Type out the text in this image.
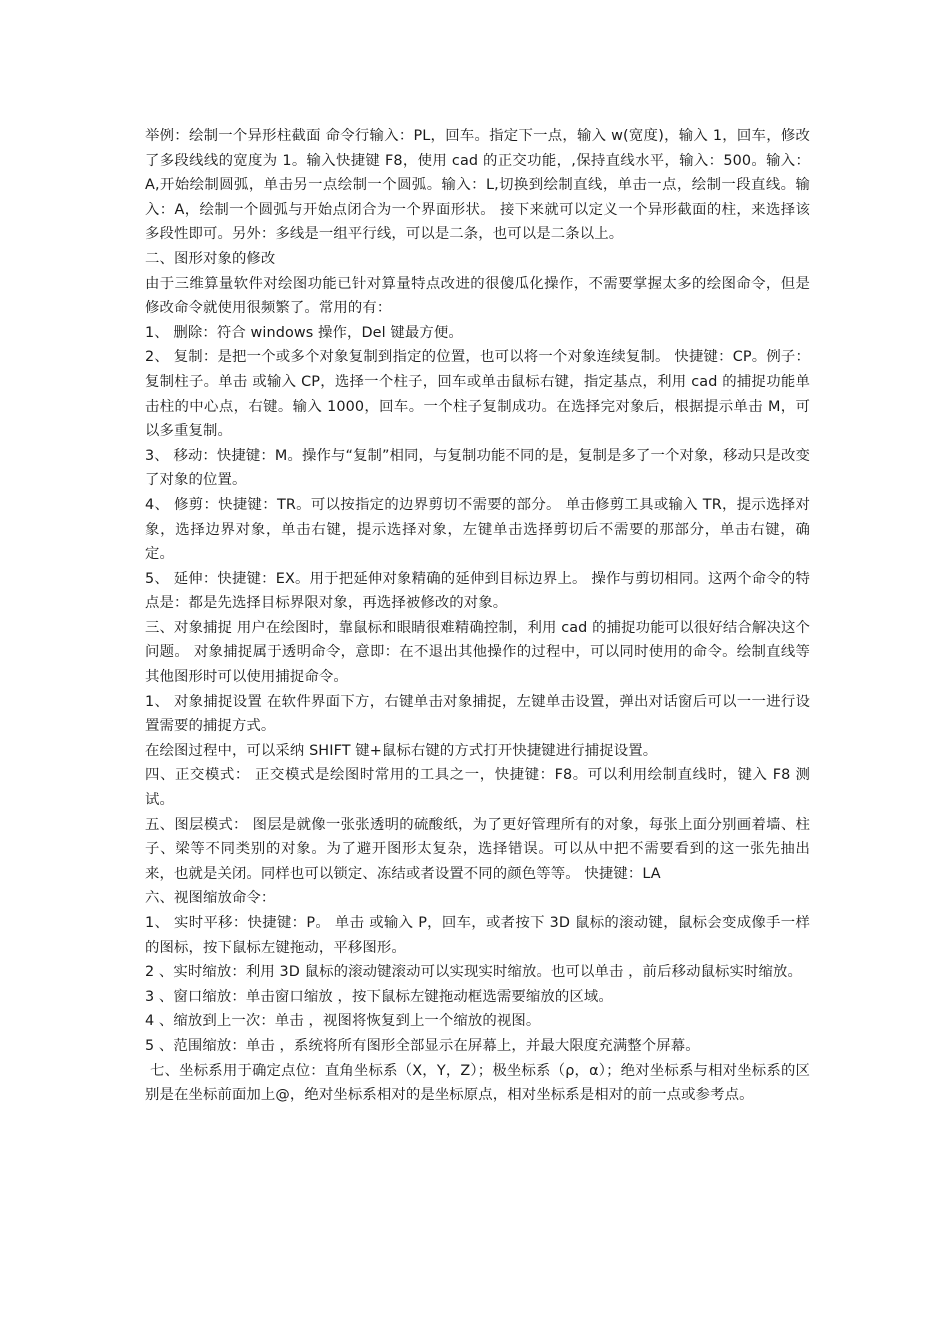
举例：绘制一个异形柱截面 命令行输入：PL，回车。指定下一点，输入 w(宽度)，输入 1，回车，修改了多段线线的宽度为 1。输入快捷键 F8，使用 cad 的正交功能，,保持直线水平，输入：500。输入：A,开始绘制圆弧，单击另一点绘制一个圆弧。输入：L,切换到绘制直线，单击一点，绘制一段直线。输入：A，绘制一个圆弧与开始点闭合为一个界面形状。 接下来就可以定义一个异形截面的柱，来选择该多段性即可。另外：多线是一组平行线，可以是二条，也可以是二条以上。

二、图形对象的修改

由于三维算量软件对绘图功能已针对算量特点改进的很傻瓜化操作，不需要掌握太多的绘图命令，但是修改命令就使用很频繁了。常用的有：

1、 删除：符合 windows 操作，Del 键最方便。

2、 复制：是把一个或多个对象复制到指定的位置，也可以将一个对象连续复制。 快捷键：CP。例子：复制柱子。单击 或输入 CP，选择一个柱子，回车或单击鼠标右键，指定基点，利用 cad 的捕捉功能单击柱的中心点，右键。输入 1000，回车。一个柱子复制成功。在选择完对象后，根据提示单击 M，可以多重复制。

3、 移动：快捷键：M。操作与“复制”相同，与复制功能不同的是，复制是多了一个对象，移动只是改变了对象的位置。

4、 修剪：快捷键：TR。可以按指定的边界剪切不需要的部分。 单击修剪工具或输入 TR，提示选择对象，选择边界对象，单击右键，提示选择对象，左键单击选择剪切后不需要的那部分，单击右键，确定。

5、 延伸：快捷键：EX。用于把延伸对象精确的延伸到目标边界上。 操作与剪切相同。这两个命令的特点是：都是先选择目标界限对象，再选择被修改的对象。

三、对象捕捉 用户在绘图时，靠鼠标和眼睛很难精确控制，利用 cad 的捕捉功能可以很好结合解决这个问题。 对象捕捉属于透明命令，意即：在不退出其他操作的过程中，可以同时使用的命令。绘制直线等其他图形时可以使用捕捉命令。

1、 对象捕捉设置 在软件界面下方，右键单击对象捕捉，左键单击设置，弹出对话窗后可以一一进行设置需要的捕捉方式。

在绘图过程中，可以采纳 SHIFT 键+鼠标右键的方式打开快捷键进行捕捉设置。

四、正交模式： 正交模式是绘图时常用的工具之一，快捷键：F8。可以利用绘制直线时，键入 F8 测试。

五、图层模式： 图层是就像一张张透明的硫酸纸，为了更好管理所有的对象，每张上面分别画着墙、柱子、梁等不同类别的对象。为了避开图形太复杂，选择错误。可以从中把不需要看到的这一张先抽出来，也就是关闭。同样也可以锁定、冻结或者设置不同的颜色等等。 快捷键：LA

六、视图缩放命令：

1、 实时平移：快捷键：P。 单击 或输入 P，回车，或者按下 3D 鼠标的滚动键，鼠标会变成像手一样的图标，按下鼠标左键拖动，平移图形。

2 、实时缩放：利用 3D 鼠标的滚动键滚动可以实现实时缩放。也可以单击 ，前后移动鼠标实时缩放。

3 、窗口缩放：单击窗口缩放 ，按下鼠标左键拖动框选需要缩放的区域。

4 、缩放到上一次：单击 ，视图将恢复到上一个缩放的视图。

5 、范围缩放：单击 ，系统将所有图形全部显示在屏幕上，并最大限度充满整个屏幕。

七、坐标系用于确定点位：直角坐标系（X，Y，Z）；极坐标系（ρ，α）；绝对坐标系与相对坐标系的区别是在坐标前面加上@，绝对坐标系相对的是坐标原点，相对坐标系是相对的前一点或参考点。
